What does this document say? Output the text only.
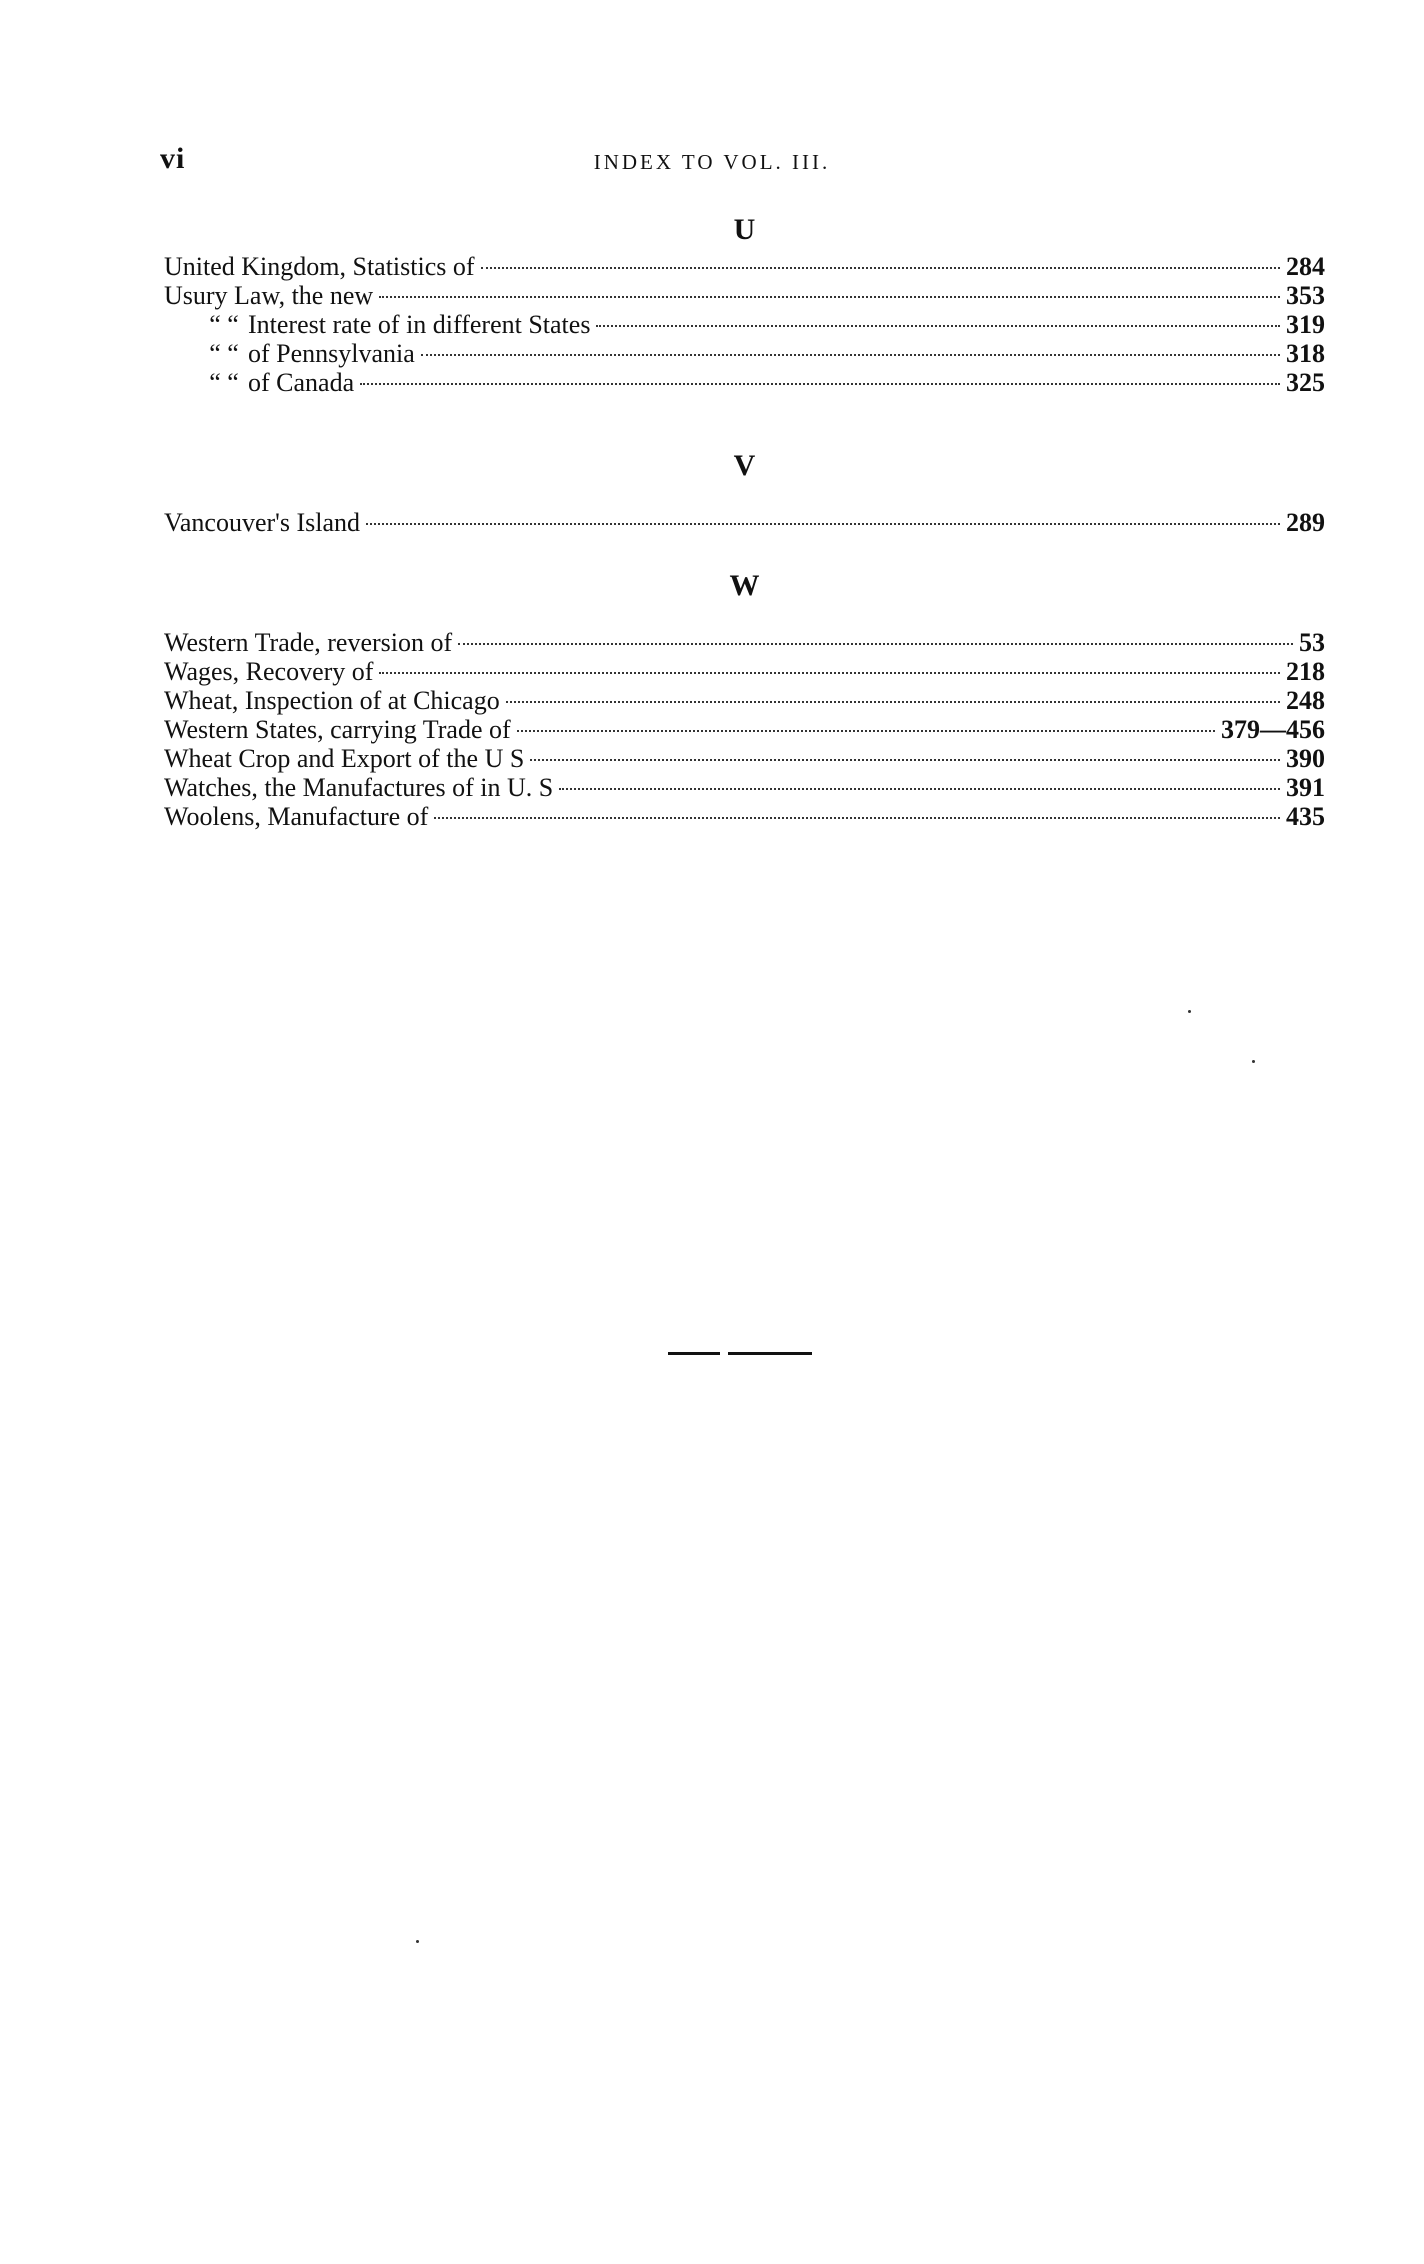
vi	INDEX TO VOL. III.
U
United Kingdom, Statistics of	284
Usury Law, the new	353
“ “ Interest rate of in different States	319
“ “ of Pennsylvania	318
“ “ of Canada	325
V
Vancouver's Island	289
W
Western Trade, reversion of	53
Wages, Recovery of	218
Wheat, Inspection of at Chicago	248
Western States, carrying Trade of	379—456
Wheat Crop and Export of the U S	390
Watches, the Manufactures of in U. S	391
Woolens, Manufacture of	435
